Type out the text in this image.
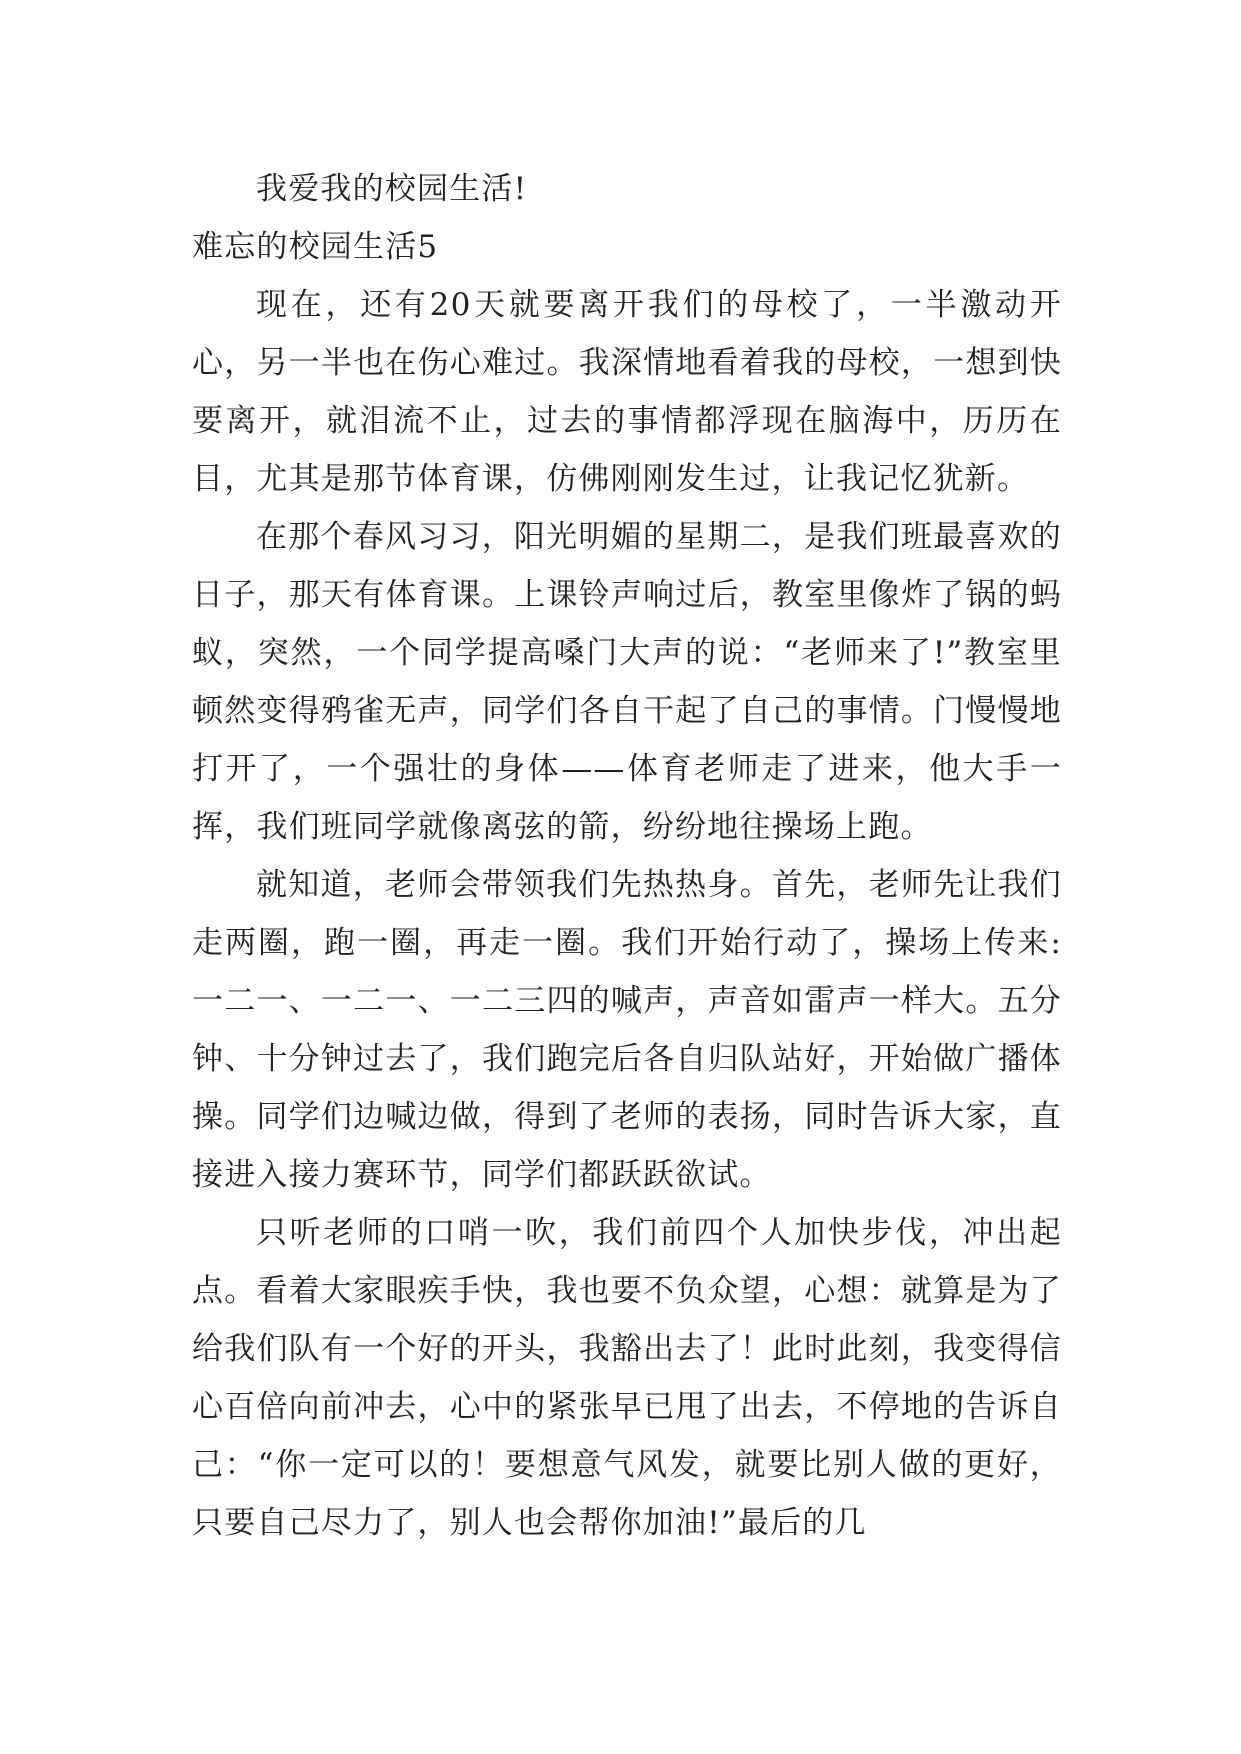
我爱我的校园生活!

难忘的校园生活5

现在，还有20天就要离开我们的母校了，一半激动开心，另一半也在伤心难过。我深情地看着我的母校，一想到快要离开，就泪流不止，过去的事情都浮现在脑海中，历历在目，尤其是那节体育课，仿佛刚刚发生过，让我记忆犹新。

在那个春风习习，阳光明媚的星期二，是我们班最喜欢的日子，那天有体育课。上课铃声响过后，教室里像炸了锅的蚂蚁，突然，一个同学提高嗓门大声的说：“老师来了!”教室里顿然变得鸦雀无声，同学们各自干起了自己的事情。门慢慢地打开了，一个强壮的身体——体育老师走了进来，他大手一挥，我们班同学就像离弦的箭，纷纷地往操场上跑。

就知道，老师会带领我们先热热身。首先，老师先让我们走两圈，跑一圈，再走一圈。我们开始行动了，操场上传来:一二一、一二一、一二三四的喊声，声音如雷声一样大。五分钟、十分钟过去了，我们跑完后各自归队站好，开始做广播体操。同学们边喊边做，得到了老师的表扬，同时告诉大家，直接进入接力赛环节，同学们都跃跃欲试。

只听老师的口哨一吹，我们前四个人加快步伐，冲出起点。看着大家眼疾手快，我也要不负众望，心想：就算是为了给我们队有一个好的开头，我豁出去了！此时此刻，我变得信心百倍向前冲去，心中的紧张早已甩了出去，不停地的告诉自己：“你一定可以的！要想意气风发，就要比别人做的更好，只要自己尽力了，别人也会帮你加油!”最后的几
